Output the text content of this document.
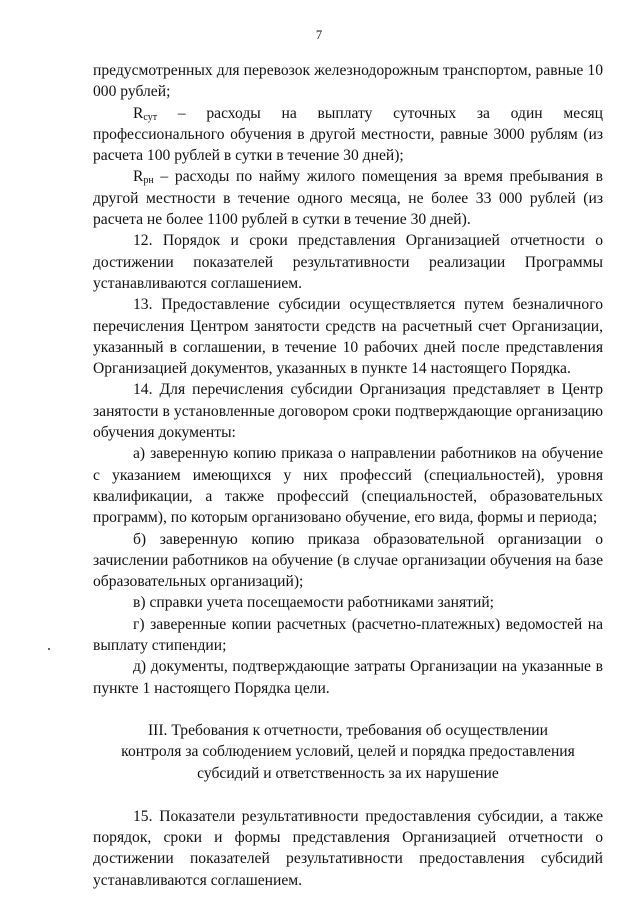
7

предусмотренных для перевозок железнодорожным транспортом, равные 10 000 рублей;

$R_{сут}$ – расходы на выплату суточных за один месяц профессионального обучения в другой местности, равные 3000 рублям (из расчета 100 рублей в сутки в течение 30 дней);

$R_{рн}$ – расходы по найму жилого помещения за время пребывания в другой местности в течение одного месяца, не более 33 000 рублей (из расчета не более 1100 рублей в сутки в течение 30 дней).

12. Порядок и сроки представления Организацией отчетности о достижении показателей результативности реализации Программы устанавливаются соглашением.

13. Предоставление субсидии осуществляется путем безналичного перечисления Центром занятости средств на расчетный счет Организации, указанный в соглашении, в течение 10 рабочих дней после представления Организацией документов, указанных в пункте 14 настоящего Порядка.

14. Для перечисления субсидии Организация представляет в Центр занятости в установленные договором сроки подтверждающие организацию обучения документы:

а) заверенную копию приказа о направлении работников на обучение с указанием имеющихся у них профессий (специальностей), уровня квалификации, а также профессий (специальностей, образовательных программ), по которым организовано обучение, его вида, формы и периода;

б) заверенную копию приказа образовательной организации о зачислении работников на обучение (в случае организации обучения на базе образовательных организаций);

в) справки учета посещаемости работниками занятий;

г) заверенные копии расчетных (расчетно-платежных) ведомостей на выплату стипендии;

д) документы, подтверждающие затраты Организации на указанные в пункте 1 настоящего Порядка цели.

III. Требования к отчетности, требования об осуществлении
контроля за соблюдением условий, целей и порядка предоставления
субсидий и ответственность за их нарушение

15. Показатели результативности предоставления субсидии, а также порядок, сроки и формы представления Организацией отчетности о достижении показателей результативности предоставления субсидий устанавливаются соглашением.
